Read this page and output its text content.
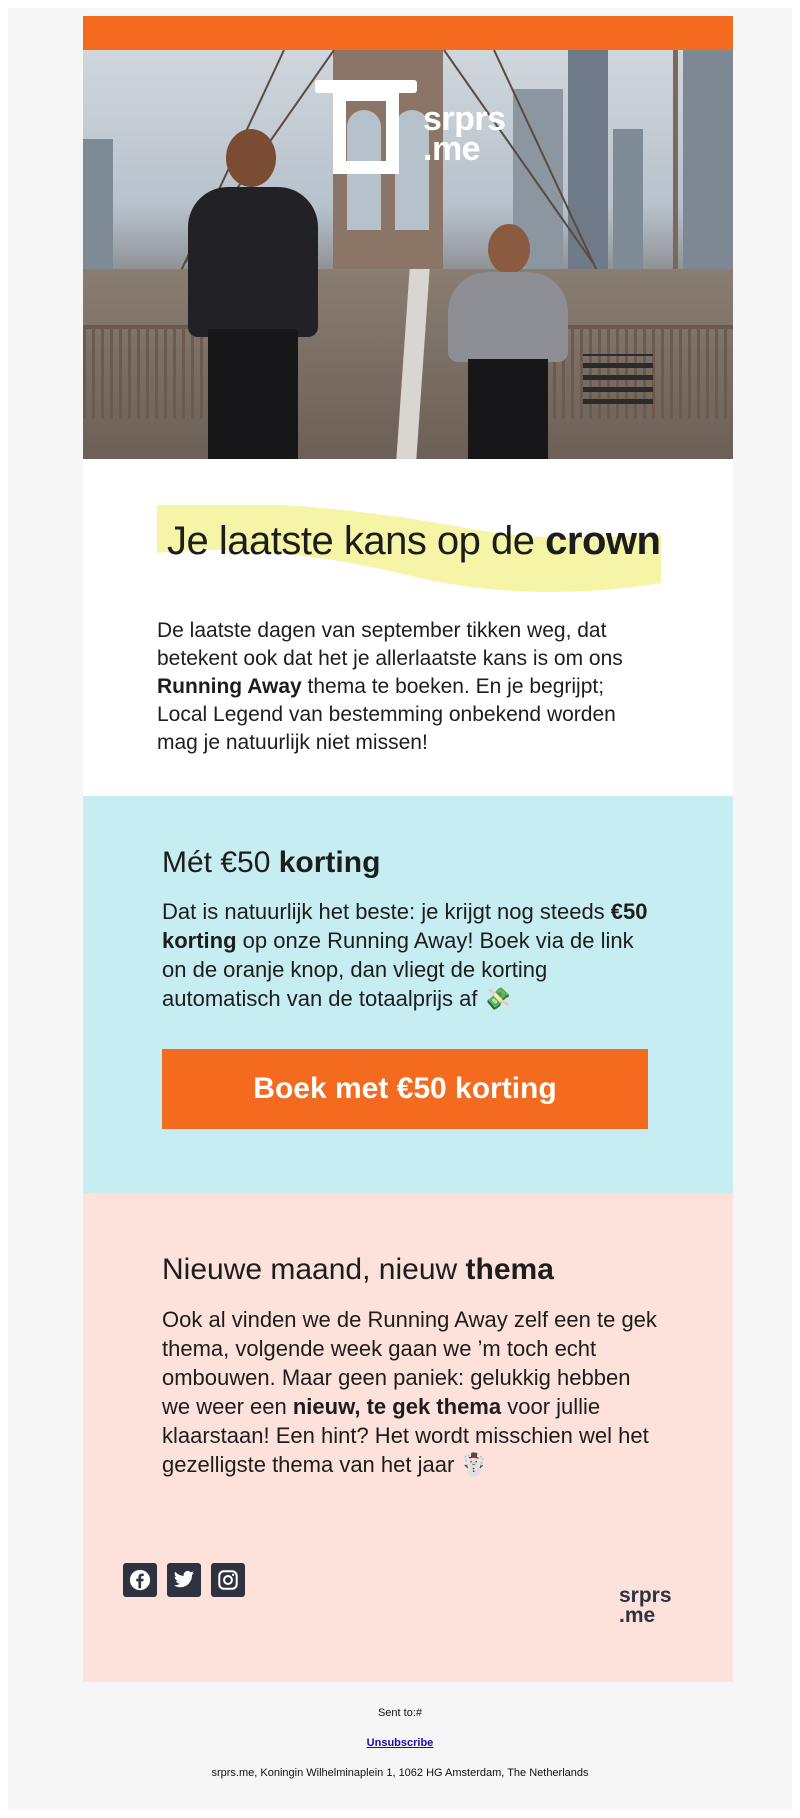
srprs
.me
Je laatste kans op de crown
De laatste dagen van september tikken weg, dat betekent ook dat het je allerlaatste kans is om ons Running Away thema te boeken. En je begrijpt; Local Legend van bestemming onbekend worden mag je natuurlijk niet missen!
Mét €50 korting
Dat is natuurlijk het beste: je krijgt nog steeds €50 korting op onze Running Away! Boek via de link on de oranje knop, dan vliegt de korting automatisch van de totaalprijs af 💸
Boek met €50 korting
Nieuwe maand, nieuw thema
Ook al vinden we de Running Away zelf een te gek thema, volgende week gaan we ’m toch echt ombouwen. Maar geen paniek: gelukkig hebben we weer een nieuw, te gek thema voor jullie klaarstaan! Een hint? Het wordt misschien wel het gezelligste thema van het jaar ☃️
srprs
.me
Sent to:#
Unsubscribe
srprs.me, Koningin Wilhelminaplein 1, 1062 HG Amsterdam, The Netherlands
